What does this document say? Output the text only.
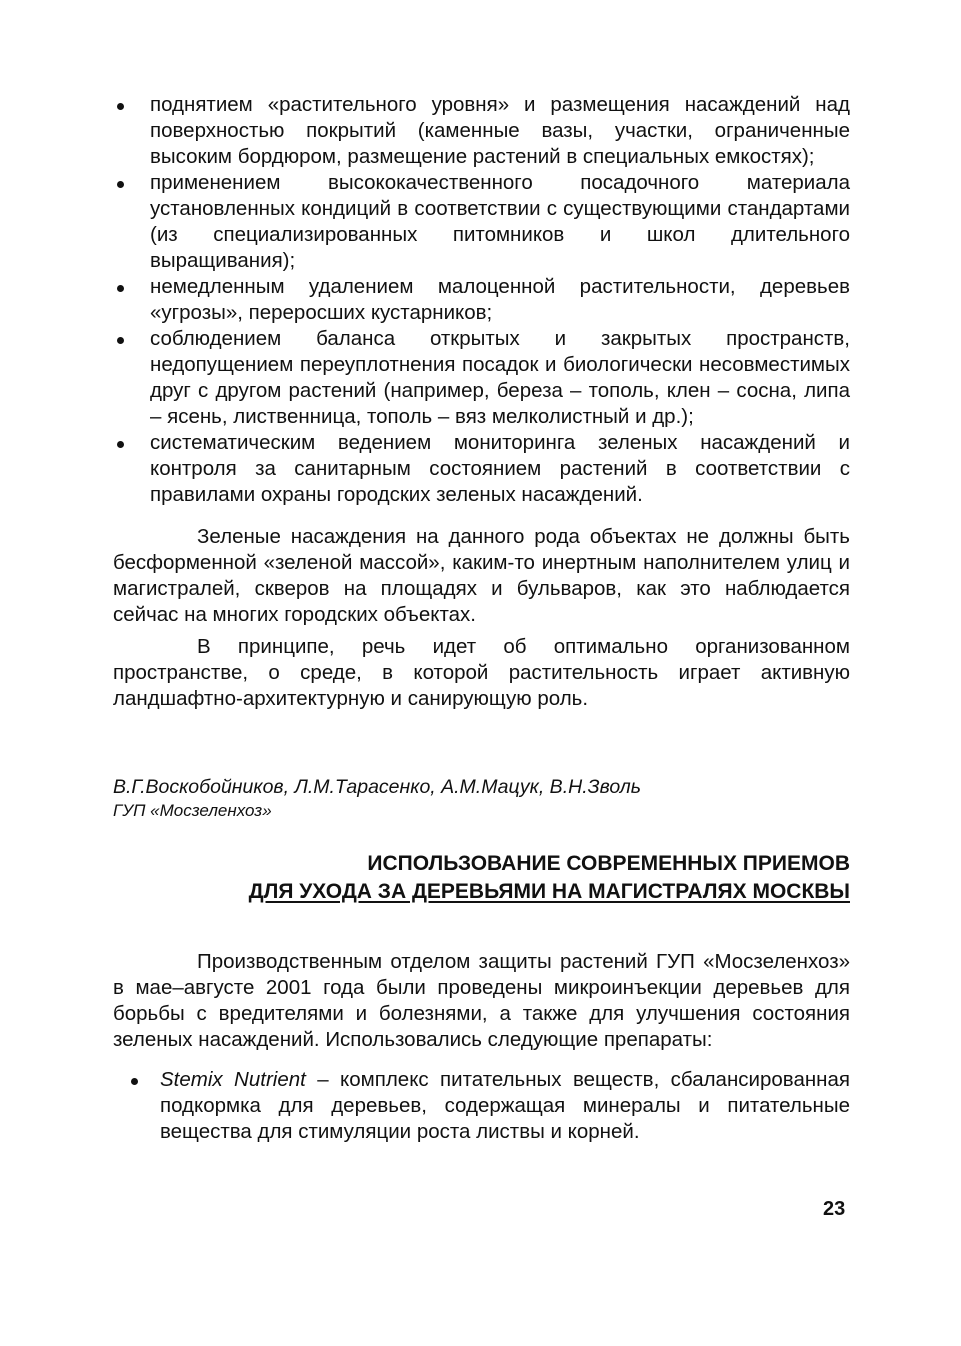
поднятием «растительного уровня» и размещения насаждений над поверхностью покрытий (каменные вазы, участки, ограниченные высоким бордюром, размещение растений в специальных емкостях);
применением высококачественного посадочного материала установленных кондиций в соответствии с существующими стандартами (из специализированных питомников и школ длительного выращивания);
немедленным удалением малоценной растительности, деревьев «угрозы», переросших кустарников;
соблюдением баланса открытых и закрытых пространств, недопущением переуплотнения посадок и биологически несовместимых друг с другом растений (например, береза – тополь, клен – сосна, липа – ясень, лиственница, тополь – вяз мелколистный и др.);
систематическим ведением мониторинга зеленых насаждений и контроля за санитарным состоянием растений в соответствии с правилами охраны городских зеленых насаждений.

Зеленые насаждения на данного рода объектах не должны быть бесформенной «зеленой массой», каким-то инертным наполнителем улиц и магистралей, скверов на площадях и бульваров, как это наблюдается сейчас на многих городских объектах.

В принципе, речь идет об оптимально организованном пространстве, о среде, в которой растительность играет активную ландшафтно-архитектурную и санирующую роль.

В.Г.Воскобойников, Л.М.Тарасенко, А.М.Мацук, В.Н.Зволь
ГУП «Мосзеленхоз»
ИСПОЛЬЗОВАНИЕ СОВРЕМЕННЫХ ПРИЕМОВ
ДЛЯ УХОДА ЗА ДЕРЕВЬЯМИ НА МАГИСТРАЛЯХ МОСКВЫ

Производственным отделом защиты растений ГУП «Мосзеленхоз» в мае–августе 2001 года были проведены микроинъекции деревьев для борьбы с вредителями и болезнями, а также для улучшения состояния зеленых насаждений. Использовались следующие препараты:

Stemix Nutrient – комплекс питательных веществ, сбалансированная подкормка для деревьев, содержащая минералы и питательные вещества для стимуляции роста листвы и корней.
23
